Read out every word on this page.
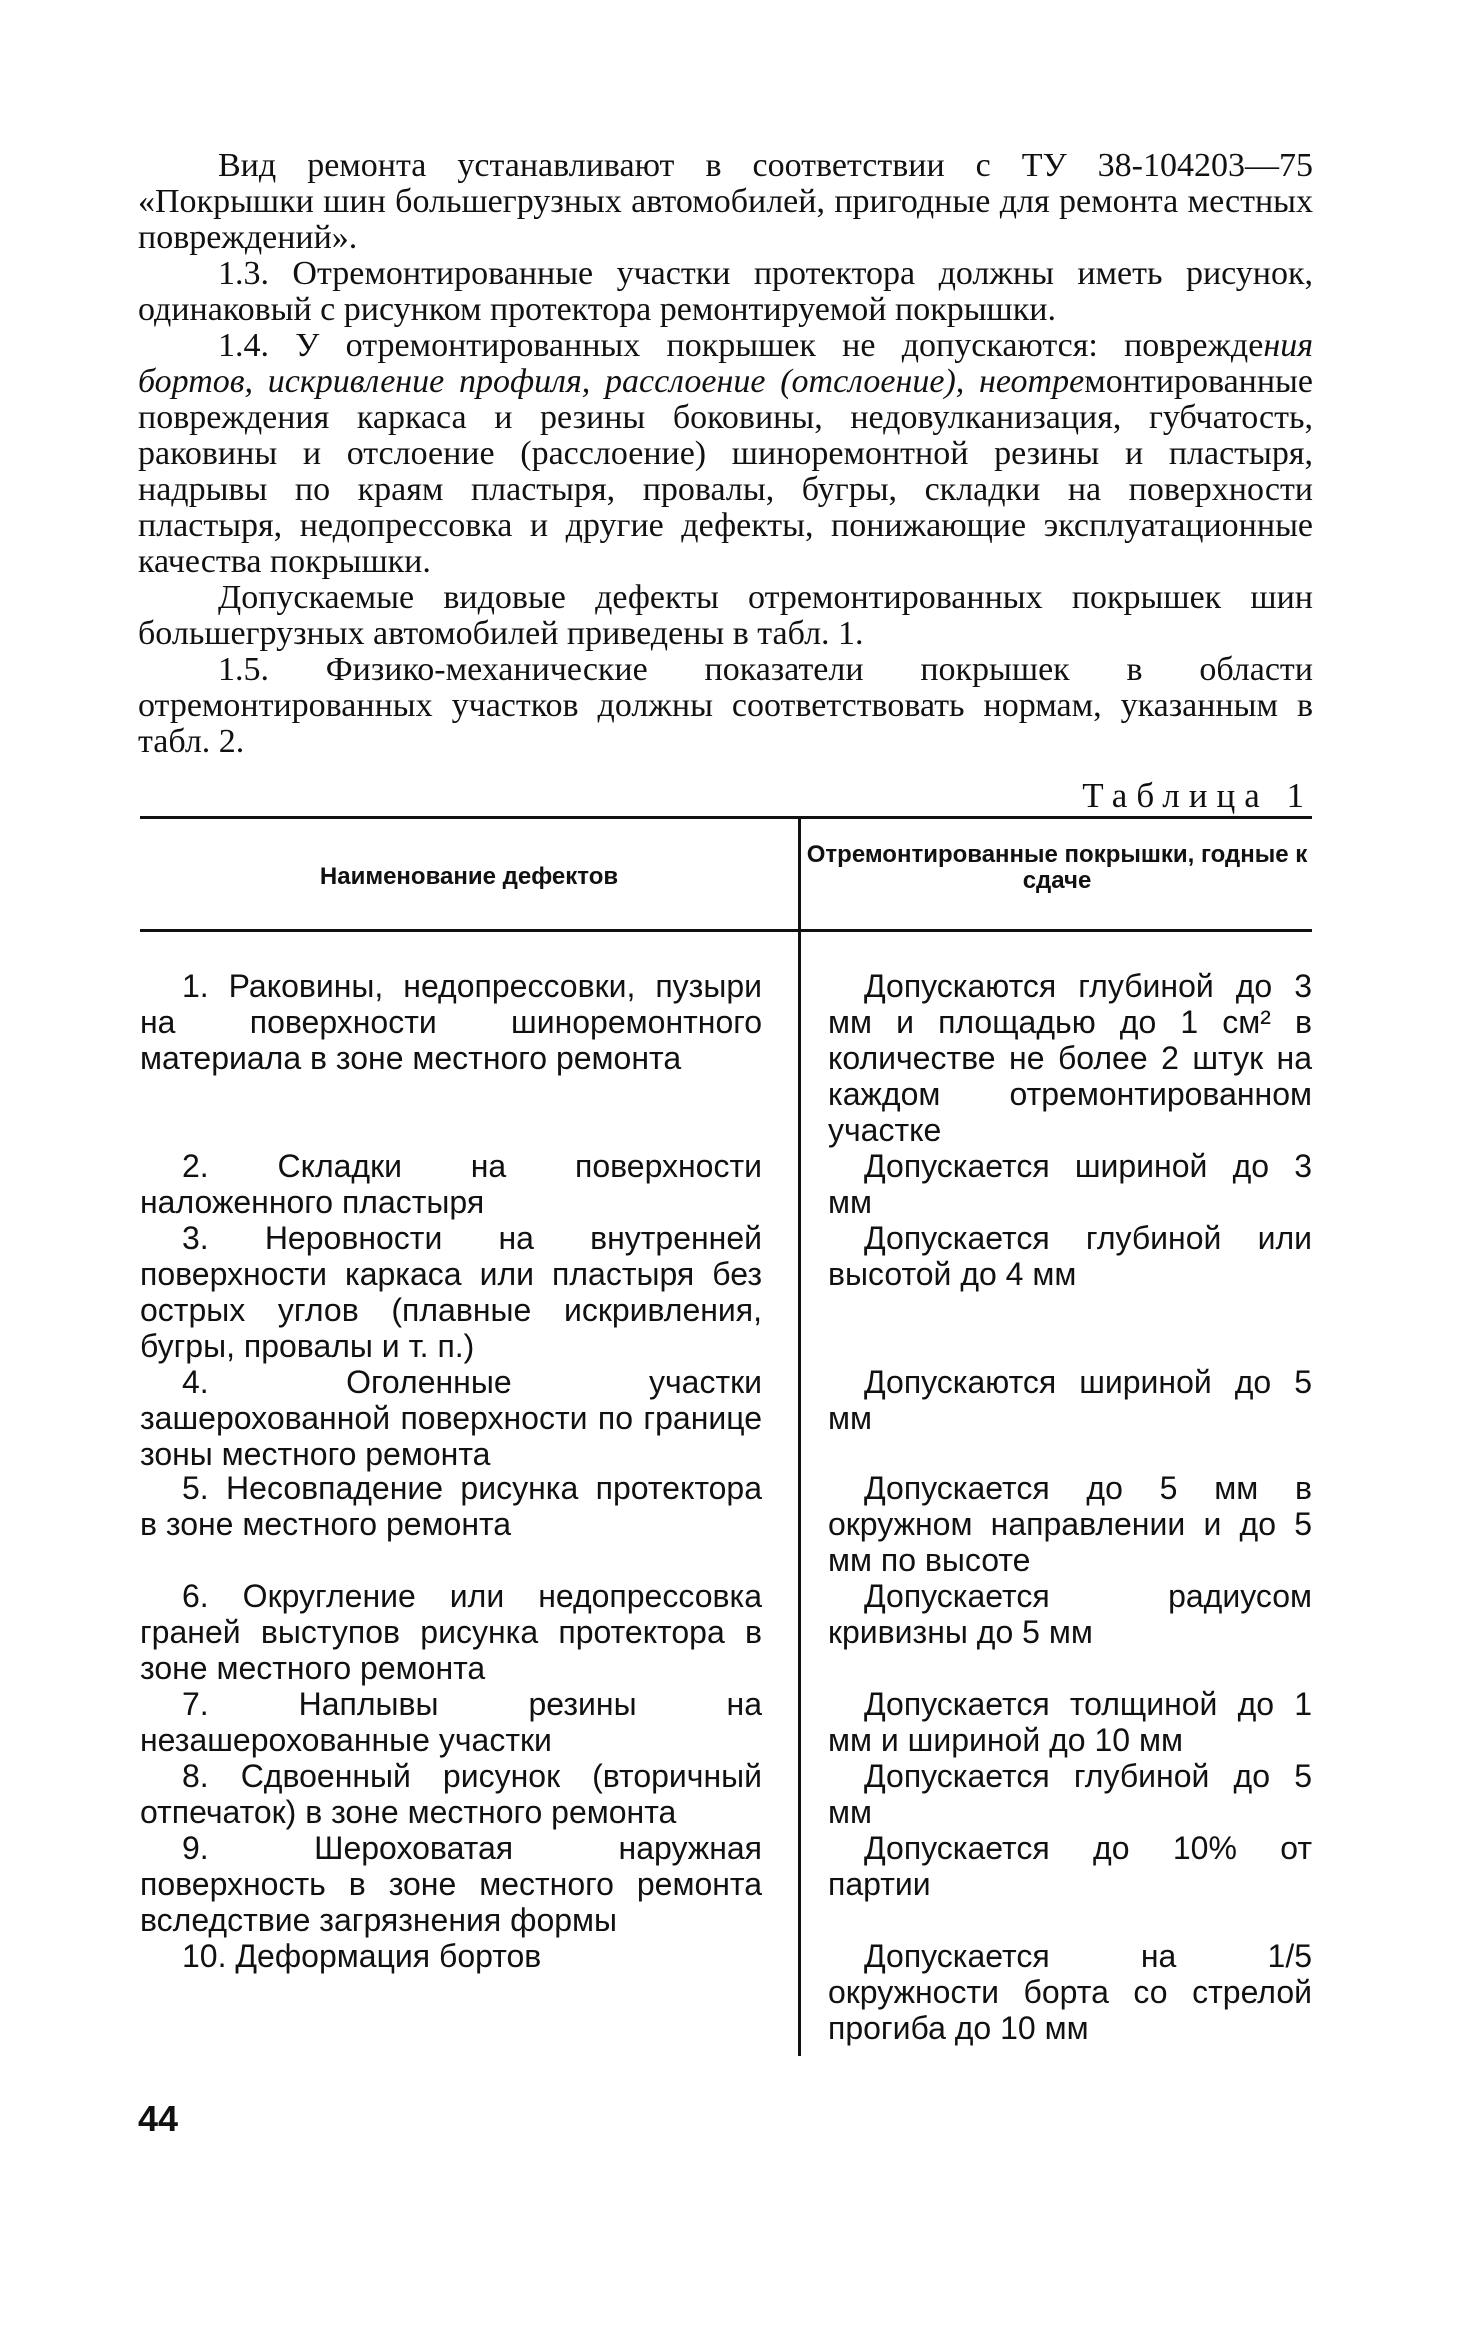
Вид ремонта устанавливают в соответствии с ТУ 38-104203—75 «Покрышки шин большегрузных автомобилей, пригодные для ремонта местных повреждений».

1.3. Отремонтированные участки протектора должны иметь рисунок, одинаковый с рисунком протектора ремонтируемой покрышки.

1.4. У отремонтированных покрышек не допускаются: повреждения бортов, искривление профиля, расслоение (отслоение), неотремонтированные повреждения каркаса и резины боковины, недовулканизация, губчатость, раковины и отслоение (расслоение) шиноремонтной резины и пластыря, надрывы по краям пластыря, провалы, бугры, складки на поверхности пластыря, недопрессовка и другие дефекты, понижающие эксплуатационные качества покрышки.

Допускаемые видовые дефекты отремонтированных покрышек шин большегрузных автомобилей приведены в табл. 1.

1.5. Физико-механические показатели покрышек в области отремонтированных участков должны соответствовать нормам, указанным в табл. 2.

Таблица 1
Наименование дефектов
Отремонтированные покрышки, годные к сдаче
1. Раковины, недопрессовки, пузыри на поверхности шиноремонтного материала в зоне местного ремонта
Допускаются глубиной до 3 мм и площадью до 1 см² в количестве не более 2 штук на каждом отремонтированном участке
2. Складки на поверхности наложенного пластыря
Допускается шириной до 3 мм
3. Неровности на внутренней поверхности каркаса или пластыря без острых углов (плавные искривления, бугры, провалы и т. п.)
Допускается глубиной или высотой до 4 мм
4. Оголенные участки зашерохованной поверхности по границе зоны местного ремонта
Допускаются шириной до 5 мм
5. Несовпадение рисунка протектора в зоне местного ремонта
Допускается до 5 мм в окружном направлении и до 5 мм по высоте
6. Округление или недопрессовка граней выступов рисунка протектора в зоне местного ремонта
Допускается радиусом кривизны до 5 мм
7. Наплывы резины на незашерохованные участки
Допускается толщиной до 1 мм и шириной до 10 мм
8. Сдвоенный рисунок (вторичный отпечаток) в зоне местного ремонта
Допускается глубиной до 5 мм
9. Шероховатая наружная поверхность в зоне местного ремонта вследствие загрязнения формы
Допускается до 10% от партии
10. Деформация бортов	Допускается на 1/5 окружности борта со стрелой прогиба до 10 мм
44
